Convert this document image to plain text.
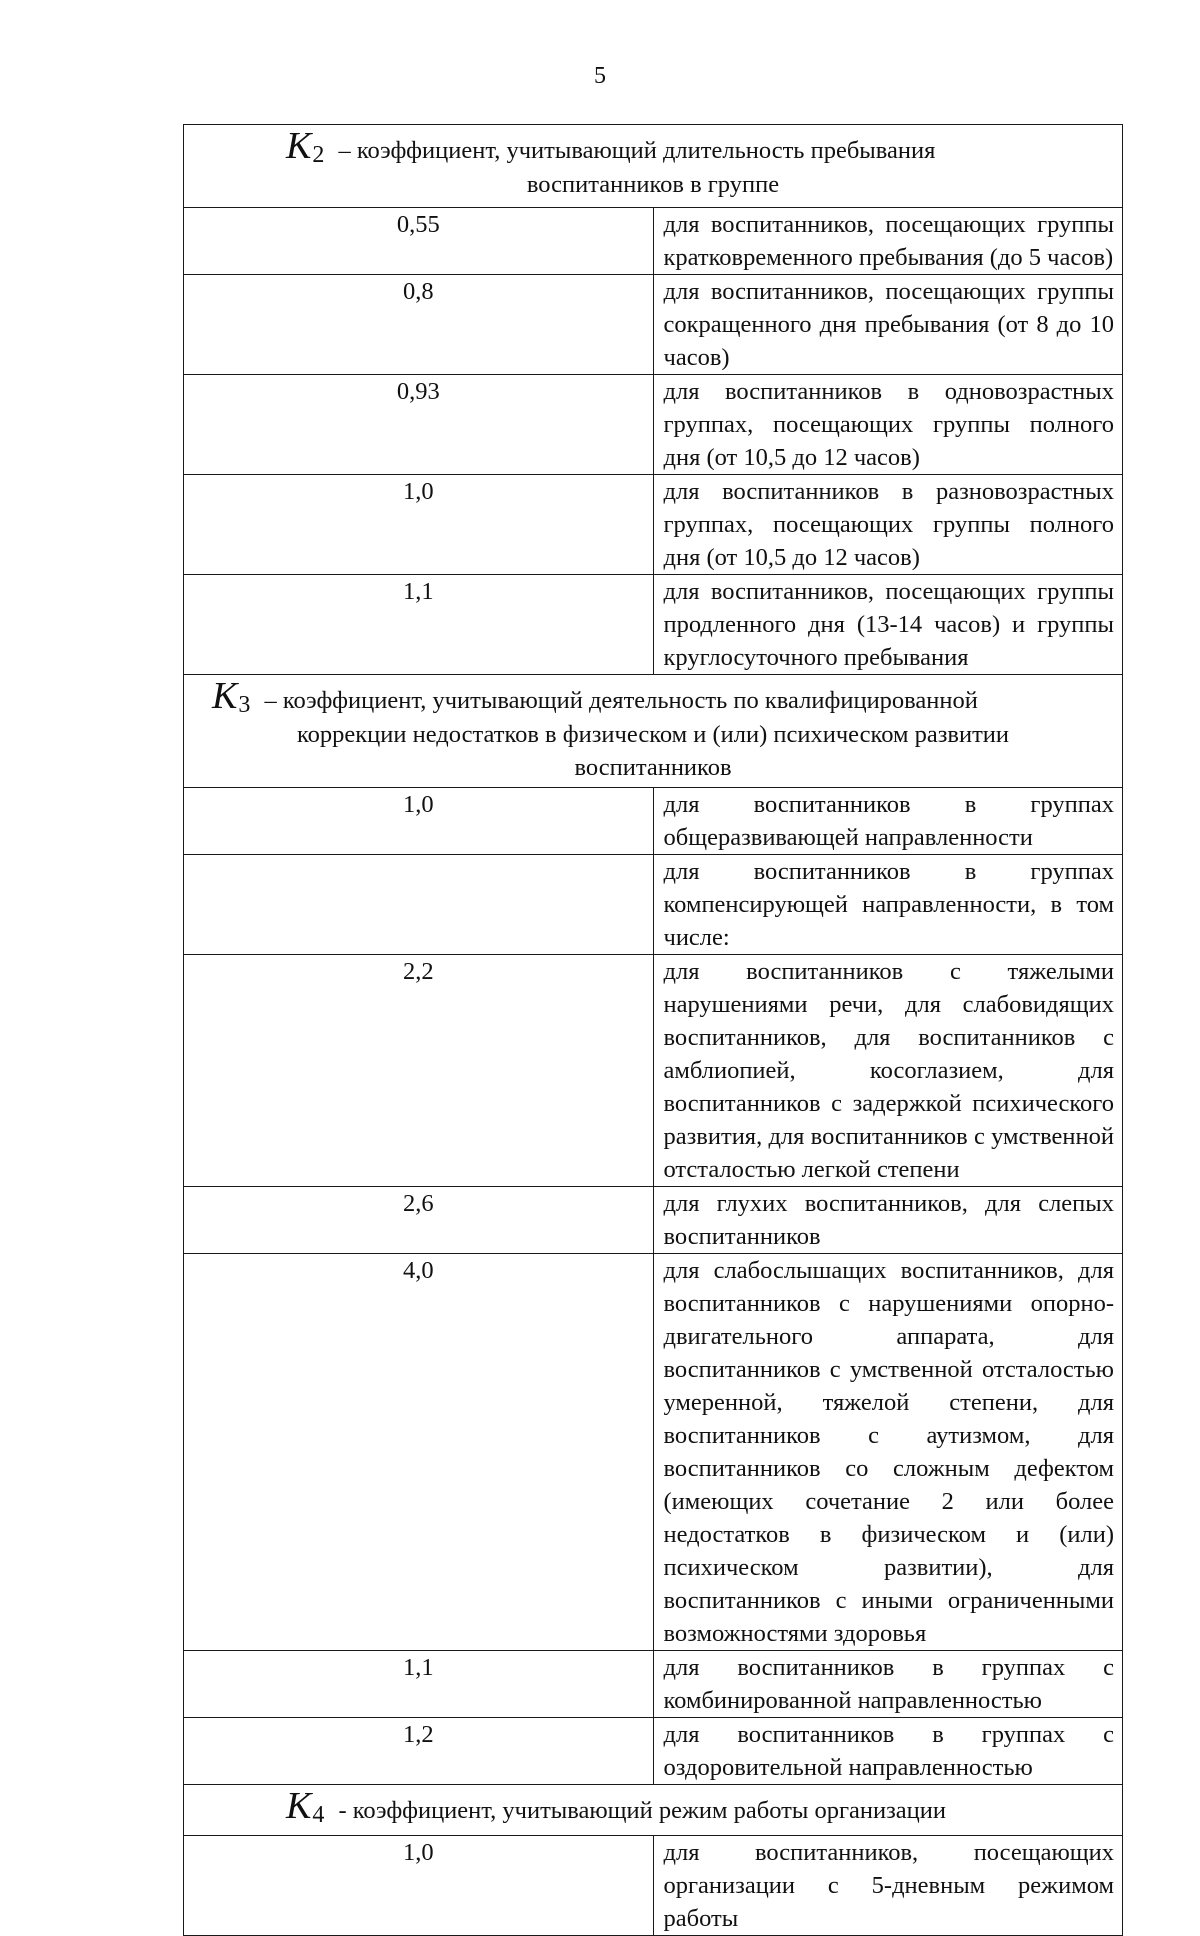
5
K2 – коэффициент, учитывающий длительность пребывания
воспитанников в группе	

0,55	для воспитанников, посещающих группы кратковременного пребывания (до 5 часов)
0,8	для воспитанников, посещающих группы сокращенного дня пребывания (от 8 до 10 часов)
0,93	для воспитанников в одновозрастных группах, посещающих группы полного дня (от 10,5 до 12 часов)
1,0	для воспитанников в разновозрастных группах, посещающих группы полного дня (от 10,5 до 12 часов)
1,1	для воспитанников, посещающих группы продленного дня (13-14 часов) и группы круглосуточного пребывания

K3 – коэффициент, учитывающий деятельность по квалифицированной
коррекции недостатков в физическом и (или) психическом развитии
воспитанников	

1,0	для воспитанников в группах общеразвивающей направленности
	для воспитанников в группах компенсирующей направленности, в том числе:
2,2	для воспитанников с тяжелыми нарушениями речи, для слабовидящих воспитанников, для воспитанников с амблиопией, косоглазием, для воспитанников с задержкой психического развития, для воспитанников с умственной отсталостью легкой степени
2,6	для глухих воспитанников, для слепых воспитанников
4,0	для слабослышащих воспитанников, для воспитанников с нарушениями опорно-двигательного аппарата, для воспитанников с умственной отсталостью умеренной, тяжелой степени, для воспитанников с аутизмом, для воспитанников со сложным дефектом (имеющих сочетание 2 или более недостатков в физическом и (или) психическом развитии), для воспитанников с иными ограниченными возможностями здоровья
1,1	для воспитанников в группах с комбинированной направленностью
1,2	для воспитанников в группах с оздоровительной направленностью

K4 - коэффициент, учитывающий режим работы организации	

1,0	для воспитанников, посещающих организации с 5-дневным режимом работы
